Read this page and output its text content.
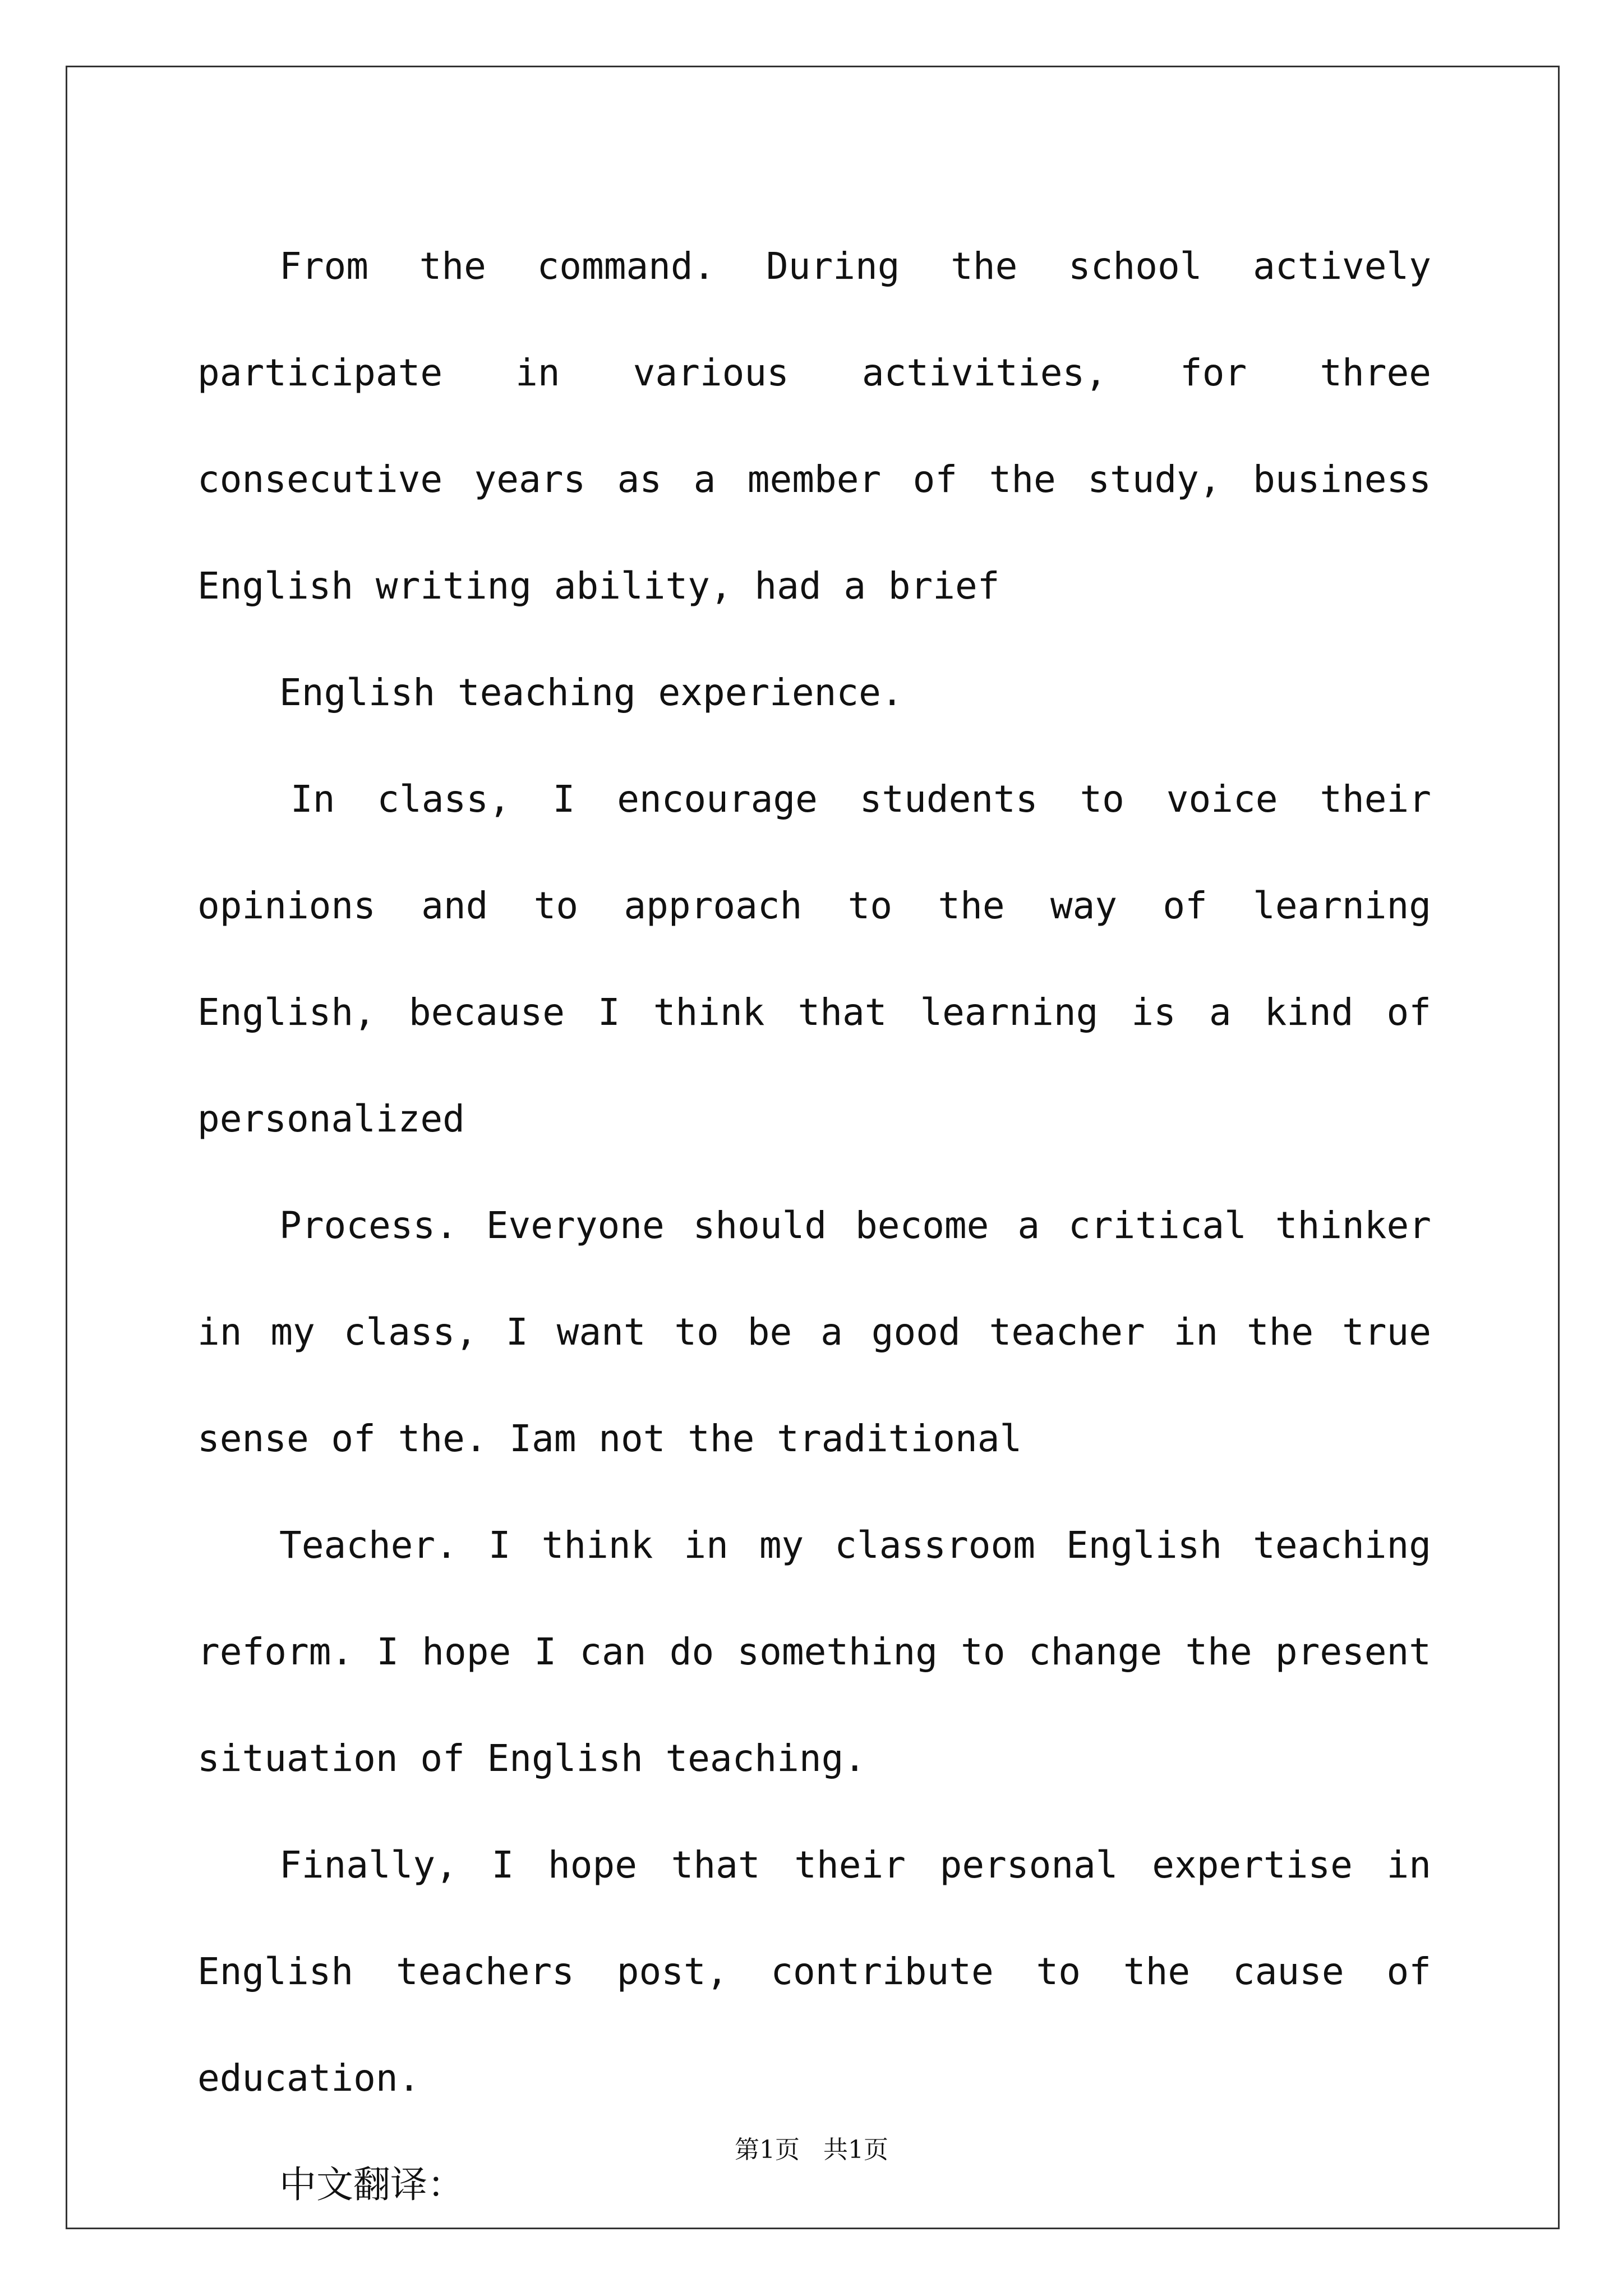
From the command. During the school actively participate in various activities, for three consecutive years as a member of the study, business English writing ability, had a brief

English teaching experience.

In class, I encourage students to voice their opinions and to approach to the way of learning English, because I think that learning is a kind of personalized

Process. Everyone should become a critical thinker in my class, I want to be a good teacher in the true sense of the. Iam not the traditional

Teacher. I think in my classroom English teaching reform. I hope I can do something to change the present situation of English teaching.

Finally, I hope that their personal expertise in English teachers post, contribute to the cause of education.

中文翻译：

第1页   共1页
